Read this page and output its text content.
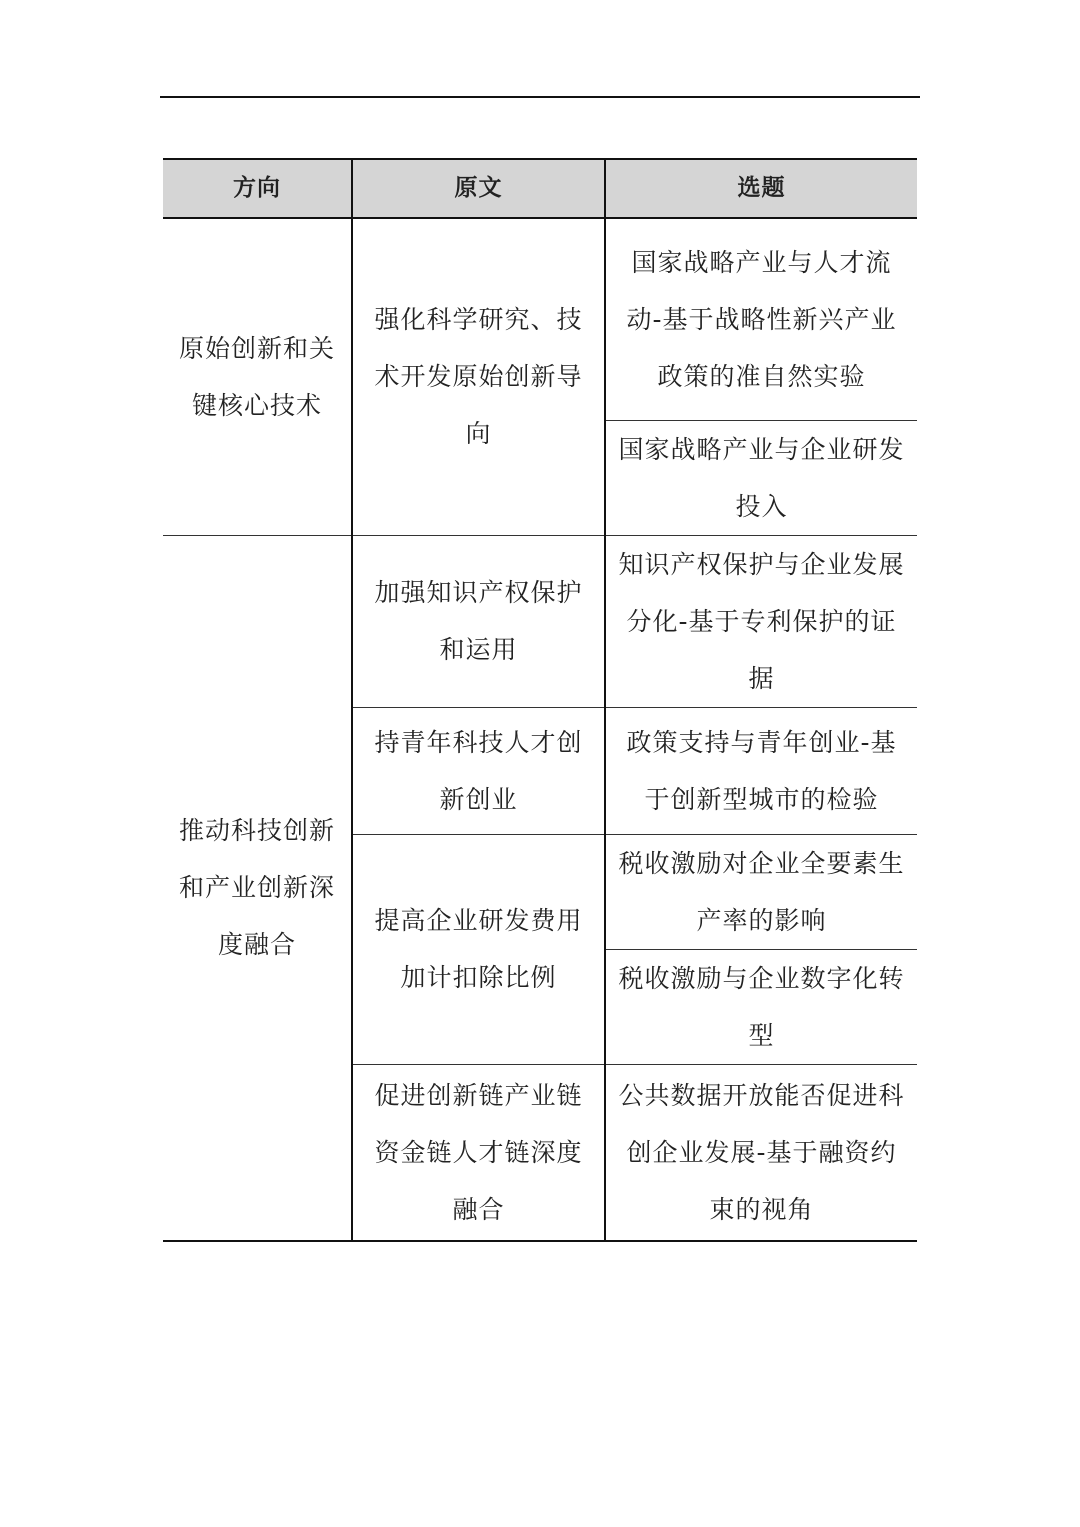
方向	原文	选题
原始创新和关键核心技术	强化科学研究、技术开发原始创新导向	国家战略产业与人才流动-基于战略性新兴产业政策的准自然实验
		国家战略产业与企业研发投入
推动科技创新和产业创新深度融合	加强知识产权保护和运用	知识产权保护与企业发展分化-基于专利保护的证据
	持青年科技人才创新创业	政策支持与青年创业-基于创新型城市的检验
	提高企业研发费用加计扣除比例	税收激励对企业全要素生产率的影响
		税收激励与企业数字化转型
	促进创新链产业链资金链人才链深度融合	公共数据开放能否促进科创企业发展-基于融资约束的视角
